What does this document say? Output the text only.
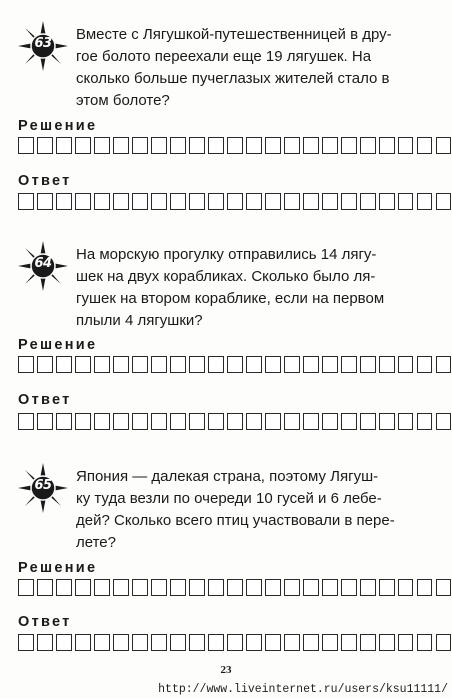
63
Вместе с Лягушкой-путешественницей в дру-
гое болото переехали еще 19 лягушек. На
сколько больше пучеглазых жителей стало в
этом болоте?
Решение
Ответ
64
На морскую прогулку отправились 14 лягу-
шек на двух корабликах. Сколько было ля-
гушек на втором кораблике, если на первом
плыли 4 лягушки?
Решение
Ответ
65
Япония — далекая страна, поэтому Лягуш-
ку туда везли по очереди 10 гусей и 6 лебе-
дей? Сколько всего птиц участвовали в пере-
лете?
Решение
Ответ
23
http://www.liveinternet.ru/users/ksu11111/
